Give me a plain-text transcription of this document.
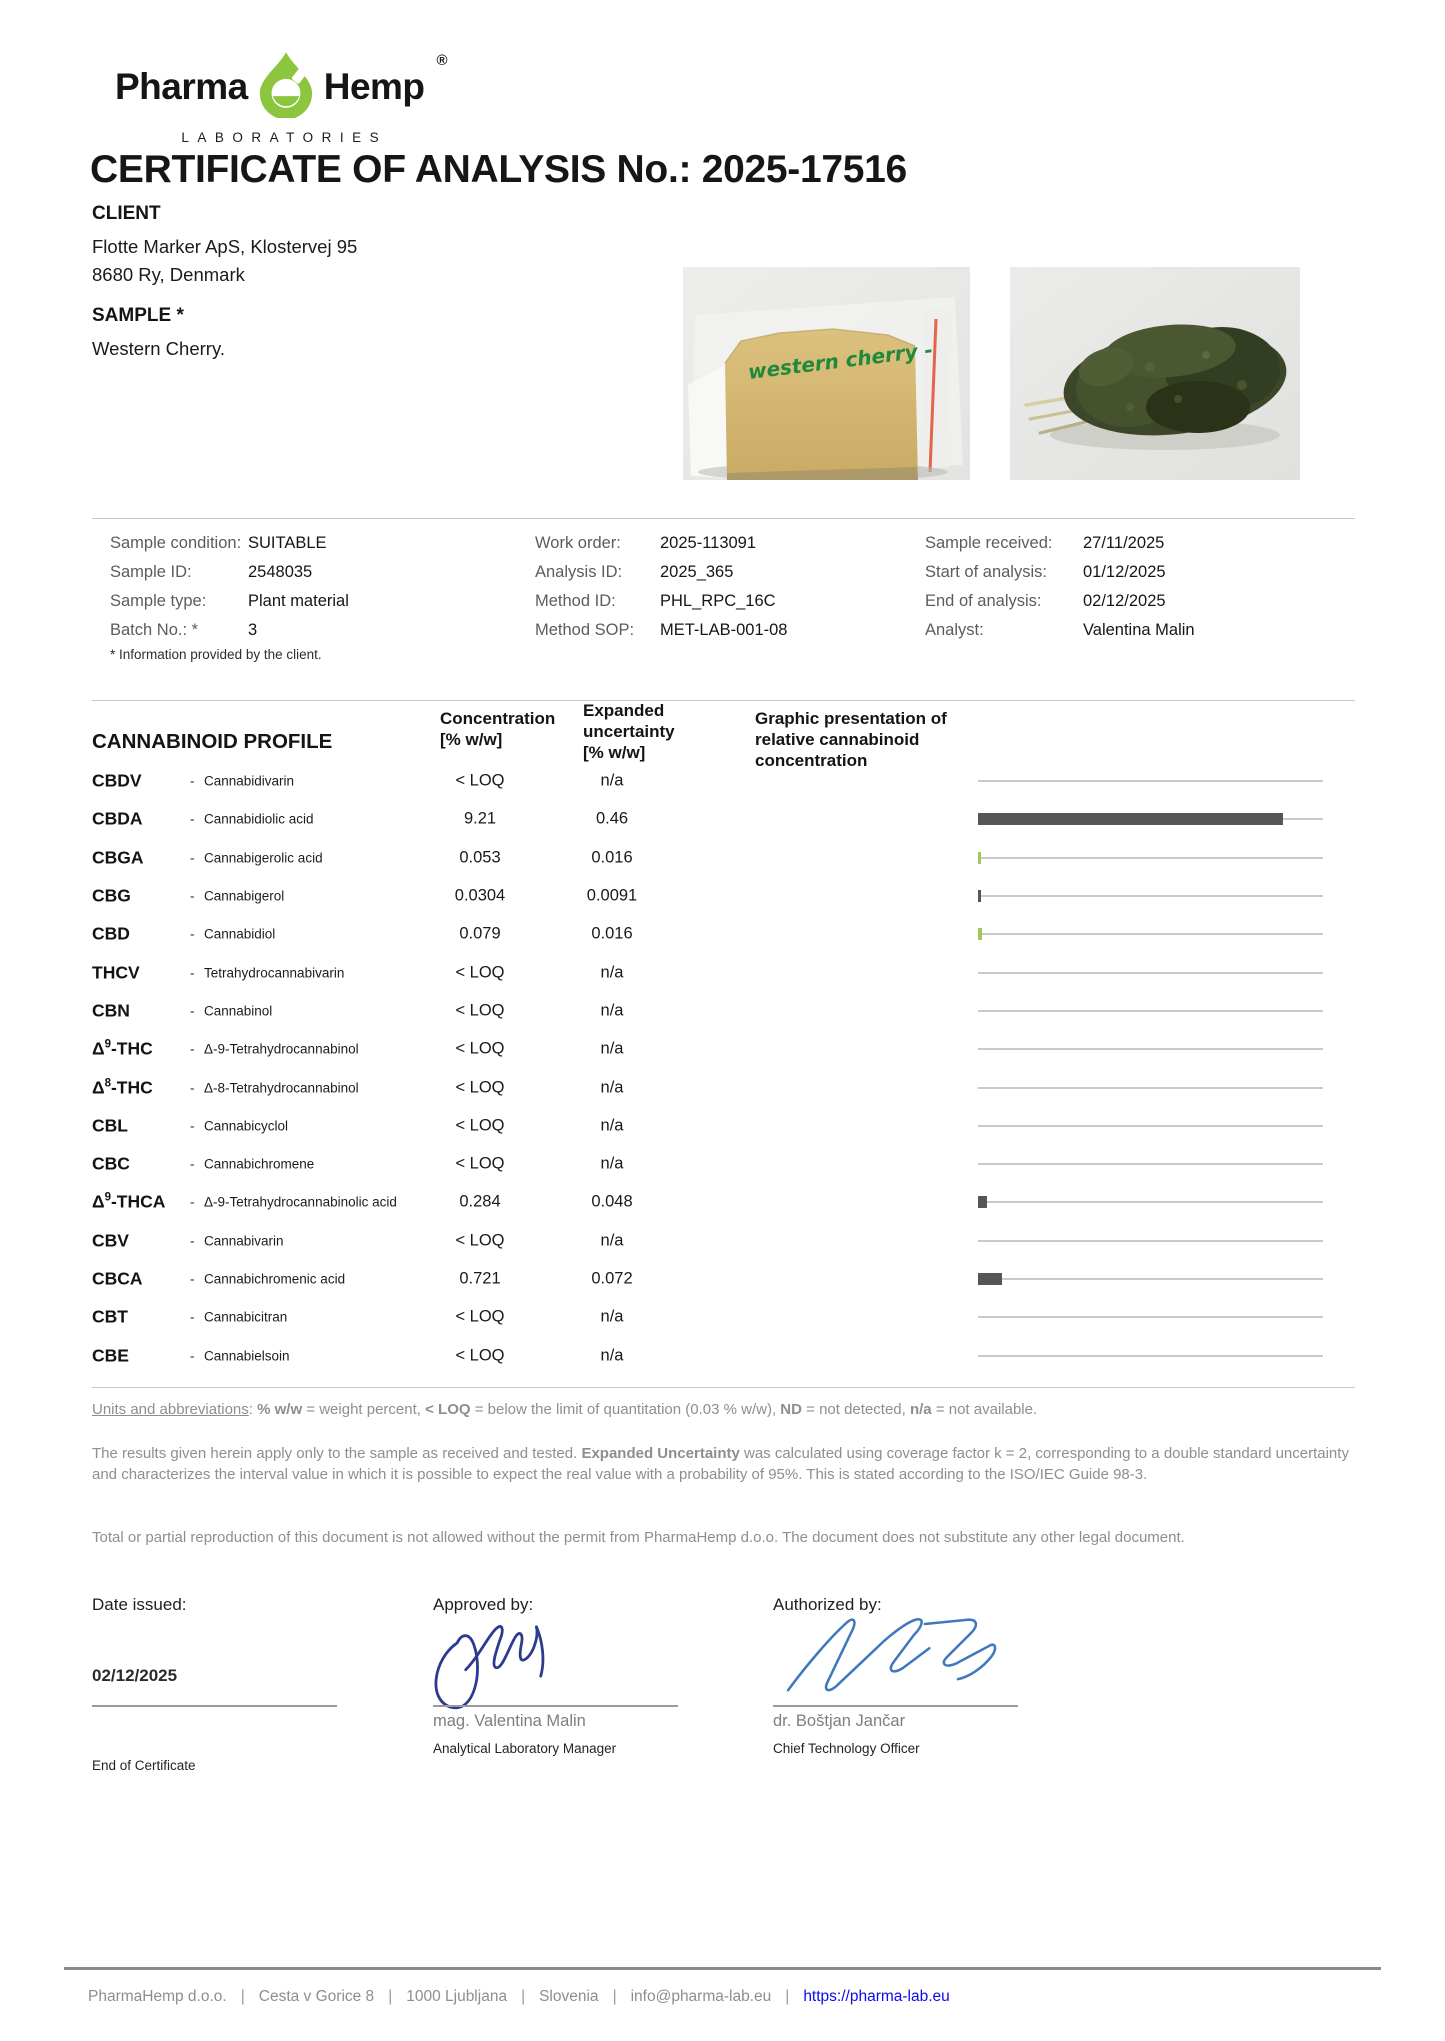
Pharma Hemp
®
LABORATORIES
CERTIFICATE OF ANALYSIS No.: 2025-17516
CLIENT
Flotte Marker ApS, Klostervej 95
8680 Ry, Denmark
SAMPLE *
Western Cherry.	western cherry -
Sample condition: SUITABLE
Sample ID:	2548035
Sample type:	Plant material
Batch No.: *	3
Work order:	2025-113091
Analysis ID:	2025_365
Method ID:	PHL_RPC_16C
Method SOP:	MET-LAB-001-08
Sample received:	27/11/2025
Start of analysis:	01/12/2025
End of analysis:	02/12/2025
Analyst:	Valentina Malin
* Information provided by the client.
CANNABINOID PROFILE
Concentration
[% w/w]
Expanded
uncertainty
[% w/w]
Graphic presentation of relative cannabinoid concentration
CBDV	- Cannabidivarin	< LOQ	n/a
CBDA	- Cannabidiolic acid	9.21	0.46
CBGA	- Cannabigerolic acid	0.053	0.016
CBG	- Cannabigerol	0.0304	0.0091
CBD	- Cannabidiol	0.079	0.016
THCV	- Tetrahydrocannabivarin	< LOQ	n/a
CBN	- Cannabinol	< LOQ	n/a
$\Delta^9$-THC	- Δ-9-Tetrahydrocannabinol	< LOQ	n/a
$\Delta^8$-THC	- Δ-8-Tetrahydrocannabinol	< LOQ	n/a
CBL	- Cannabicyclol	< LOQ	n/a
CBC	- Cannabichromene	< LOQ	n/a
$\Delta^9$-THCA - Δ-9-Tetrahydrocannabinolic acid	0.284	0.048
CBV	- Cannabivarin	< LOQ	n/a
CBCA	- Cannabichromenic acid	0.721	0.072
CBT	- Cannabicitran	< LOQ	n/a
CBE	- Cannabielsoin	< LOQ	n/a

Units and abbreviations: % w/w = weight percent, < LOQ = below the limit of quantitation (0.03 % w/w), ND = not detected, n/a = not available.

The results given herein apply only to the sample as received and tested. Expanded Uncertainty was calculated using coverage factor k = 2, corresponding to a double standard uncertainty and characterizes the interval value in which it is possible to expect the real value with a probability of 95%. This is stated according to the ISO/IEC Guide 98-3.

Total or partial reproduction of this document is not allowed without the permit from PharmaHemp d.o.o. The document does not substitute any other legal document.

Date issued:	Approved by:	Authorized by:
02/12/2025
mag. Valentina Malin	dr. Boštjan Jančar
Analytical Laboratory Manager	Chief Technology Officer
End of Certificate
PharmaHemp d.o.o. | Cesta v Gorice 8 | 1000 Ljubljana | Slovenia | info@pharma-lab.eu | https://pharma-lab.eu
